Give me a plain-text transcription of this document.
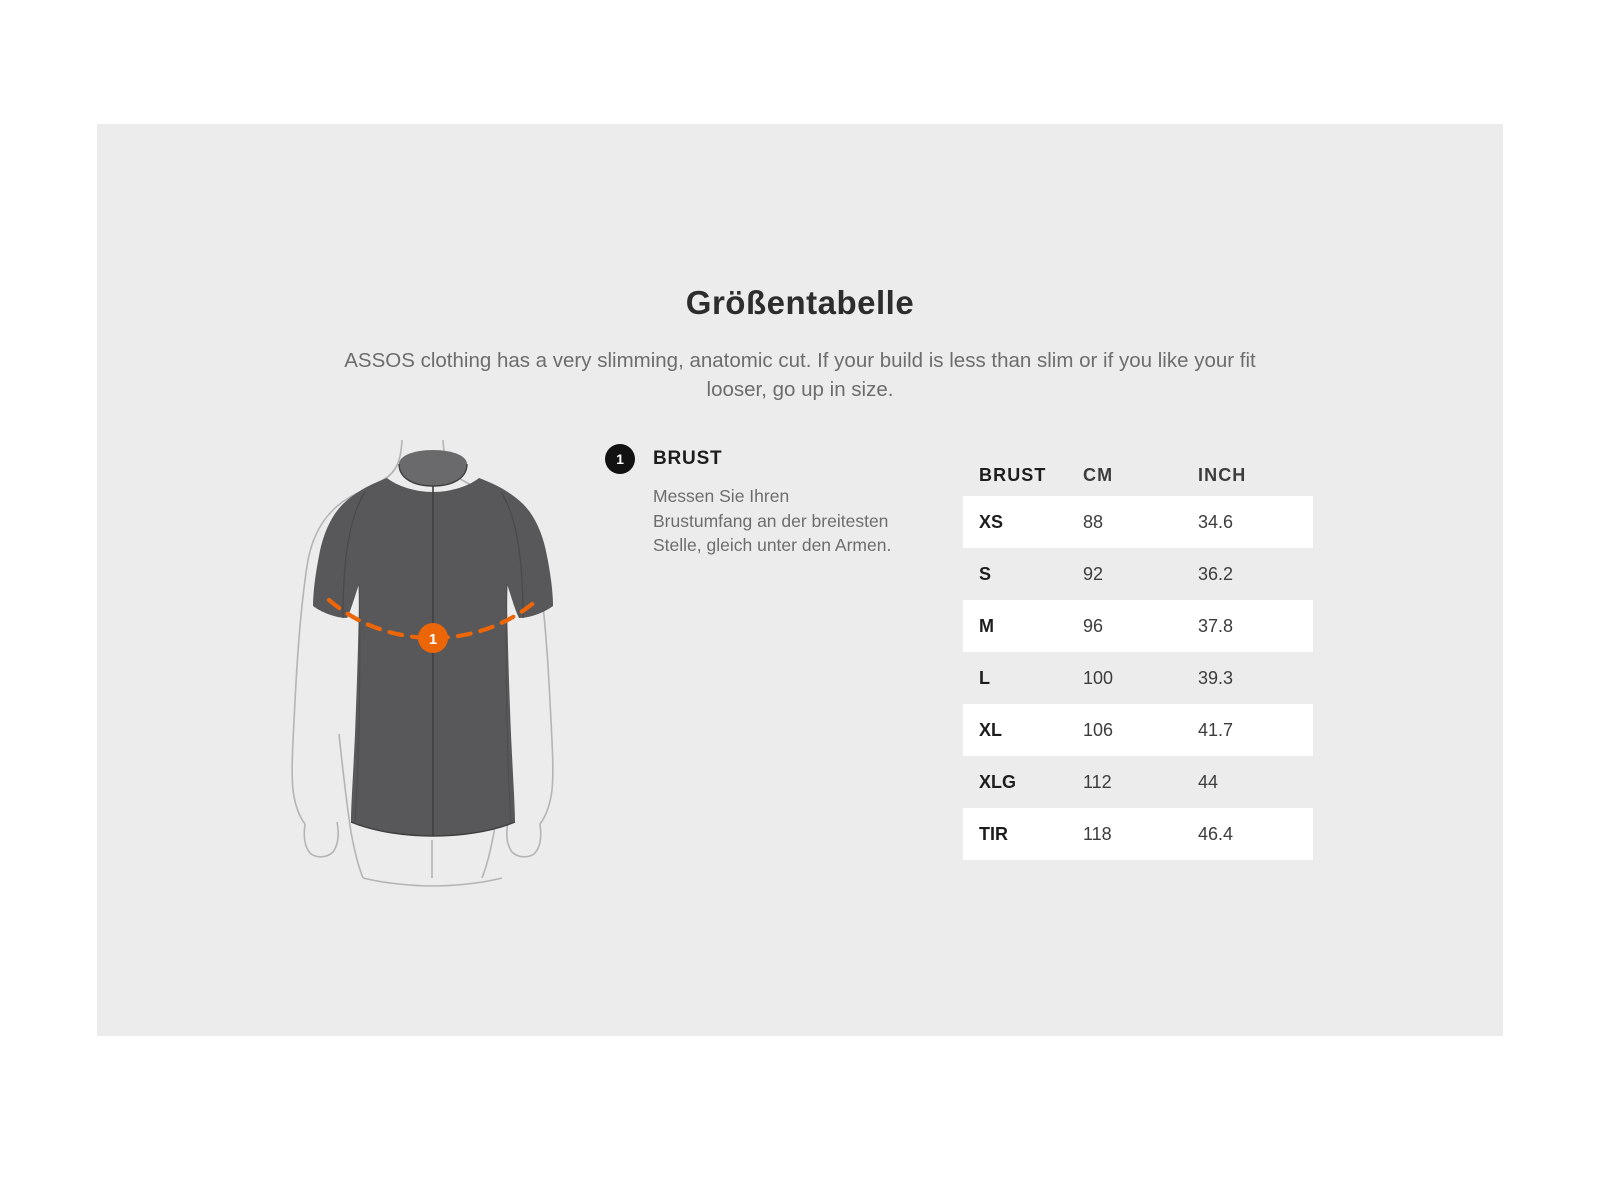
Größentabelle
ASSOS clothing has a very slimming, anatomic cut. If your build is less than slim or if you like your fit looser, go up in size.
1
1	BRUST
Messen Sie Ihren Brustumfang an der breitesten Stelle, gleich unter den Armen.
BRUST	CM	INCH
XS	88	34.6
S	92	36.2
M	96	37.8
L	100	39.3
XL	106	41.7
XLG	112	44
TIR	118	46.4
